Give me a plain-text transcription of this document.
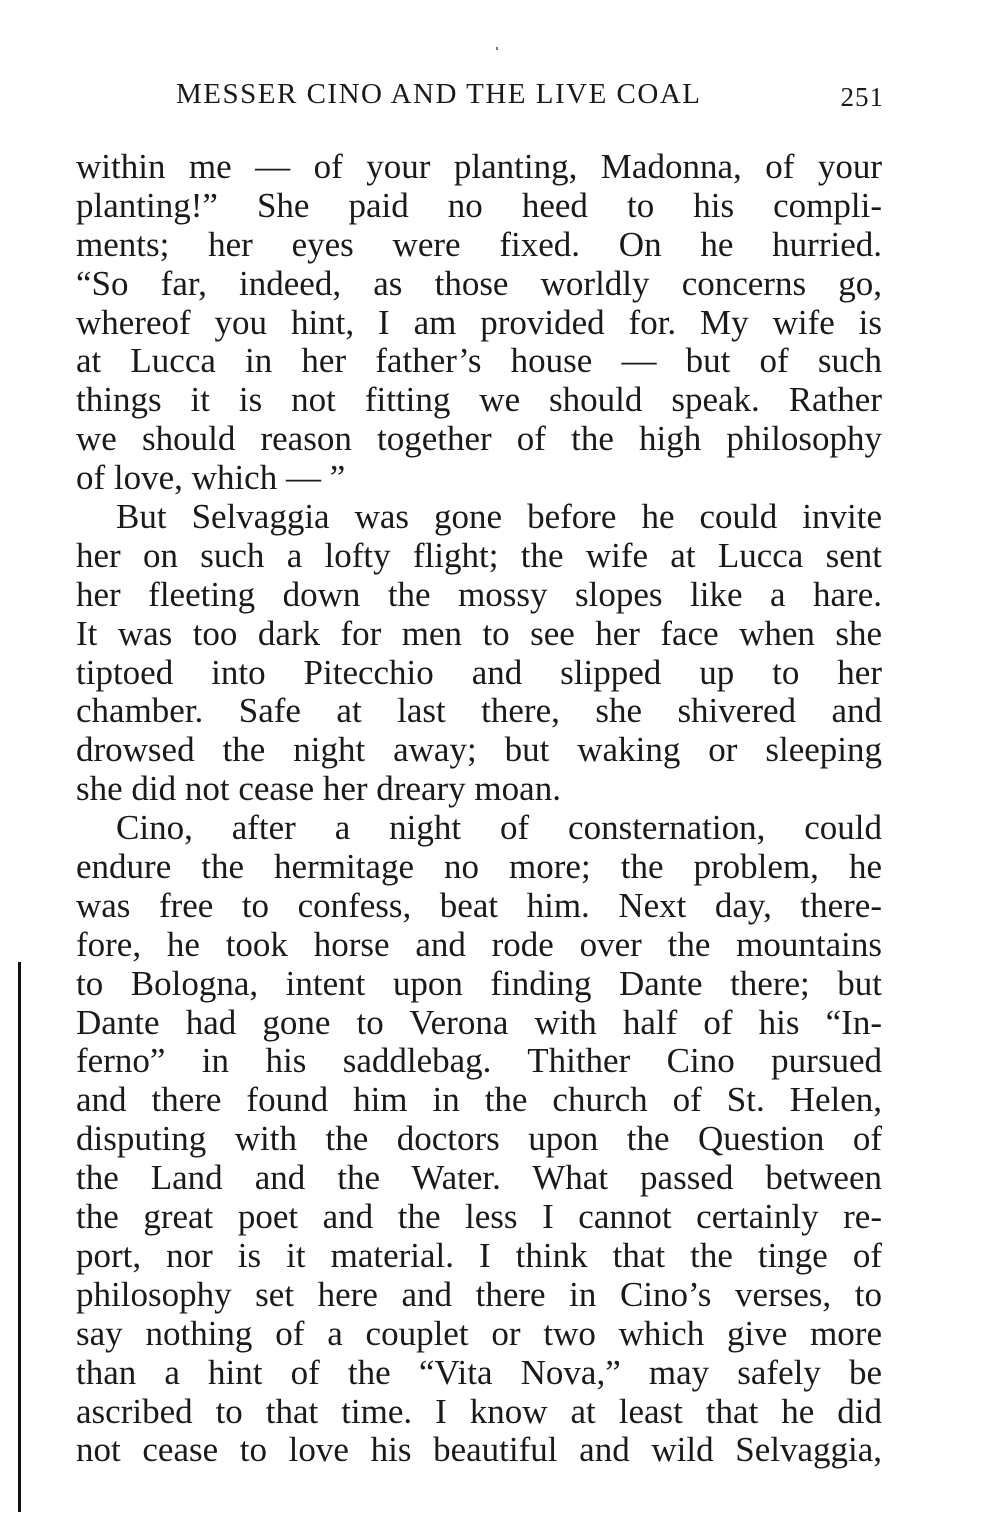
MESSER CINO AND THE LIVE COAL	251
within me — of your planting, Madonna, of your
planting!” She paid no heed to his compli-
ments; her eyes were fixed. On he hurried.
“So far, indeed, as those worldly concerns go,
whereof you hint, I am provided for. My wife is
at Lucca in her father’s house — but of such
things it is not fitting we should speak. Rather
we should reason together of the high philosophy
of love, which — ”
But Selvaggia was gone before he could invite
her on such a lofty flight; the wife at Lucca sent
her fleeting down the mossy slopes like a hare.
It was too dark for men to see her face when she
tiptoed into Pitecchio and slipped up to her
chamber. Safe at last there, she shivered and
drowsed the night away; but waking or sleeping
she did not cease her dreary moan.
Cino, after a night of consternation, could
endure the hermitage no more; the problem, he
was free to confess, beat him. Next day, there-
fore, he took horse and rode over the mountains
to Bologna, intent upon finding Dante there; but
Dante had gone to Verona with half of his “In-
ferno” in his saddlebag. Thither Cino pursued
and there found him in the church of St. Helen,
disputing with the doctors upon the Question of
the Land and the Water. What passed between
the great poet and the less I cannot certainly re-
port, nor is it material. I think that the tinge of
philosophy set here and there in Cino’s verses, to
say nothing of a couplet or two which give more
than a hint of the “Vita Nova,” may safely be
ascribed to that time. I know at least that he did
not cease to love his beautiful and wild Selvaggia,
